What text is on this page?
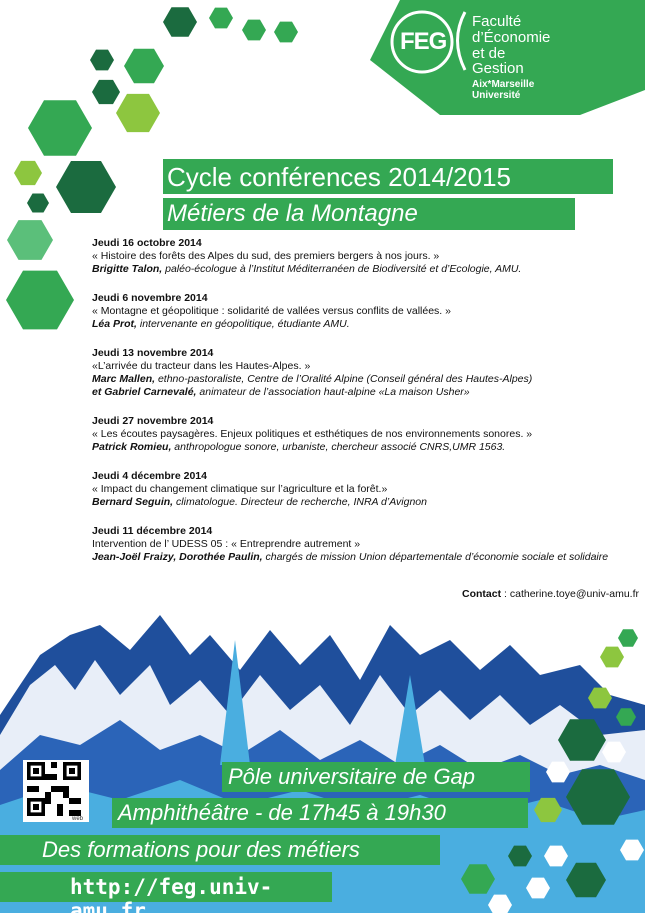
FEG
Faculté d’Économie
et de Gestion
Aix*Marseille Université
Cycle conférences 2014/2015
Métiers de la Montagne
Jeudi 16 octobre 2014
« Histoire des forêts des Alpes du sud, des premiers bergers à nos jours. »
Brigitte Talon, paléo-écologue à l’Institut Méditerranéen de Biodiversité et d’Ecologie, AMU.
Jeudi 6 novembre 2014
« Montagne et géopolitique : solidarité de vallées versus conflits de vallées. »
Léa Prot, intervenante en géopolitique, étudiante AMU.
Jeudi 13 novembre 2014
«L’arrivée du tracteur dans les Hautes-Alpes. »
Marc Mallen, ethno-pastoraliste, Centre de l’Oralité Alpine (Conseil général des Hautes-Alpes)
et Gabriel Carnevalé, animateur de l’association haut-alpine «La maison Usher»
Jeudi 27 novembre 2014
« Les écoutes paysagères. Enjeux politiques et esthétiques de nos environnements sonores. »
Patrick Romieu, anthropologue sonore, urbaniste, chercheur associé CNRS,UMR 1563.
Jeudi 4 décembre 2014
« Impact du changement climatique sur l’agriculture et la forêt.»
Bernard Seguin, climatologue. Directeur de recherche, INRA d’Avignon
Jeudi 11 décembre 2014
Intervention de l’ UDESS 05 : « Entreprendre autrement »
Jean-Joël Fraizy, Dorothée Paulin, chargés de mission Union départementale d’économie sociale et solidaire
Contact : catherine.toye@univ-amu.fr
web
Pôle universitaire de Gap
Amphithéâtre - de 17h45 à 19h30
Des formations pour des métiers
http://feg.univ-amu.fr
